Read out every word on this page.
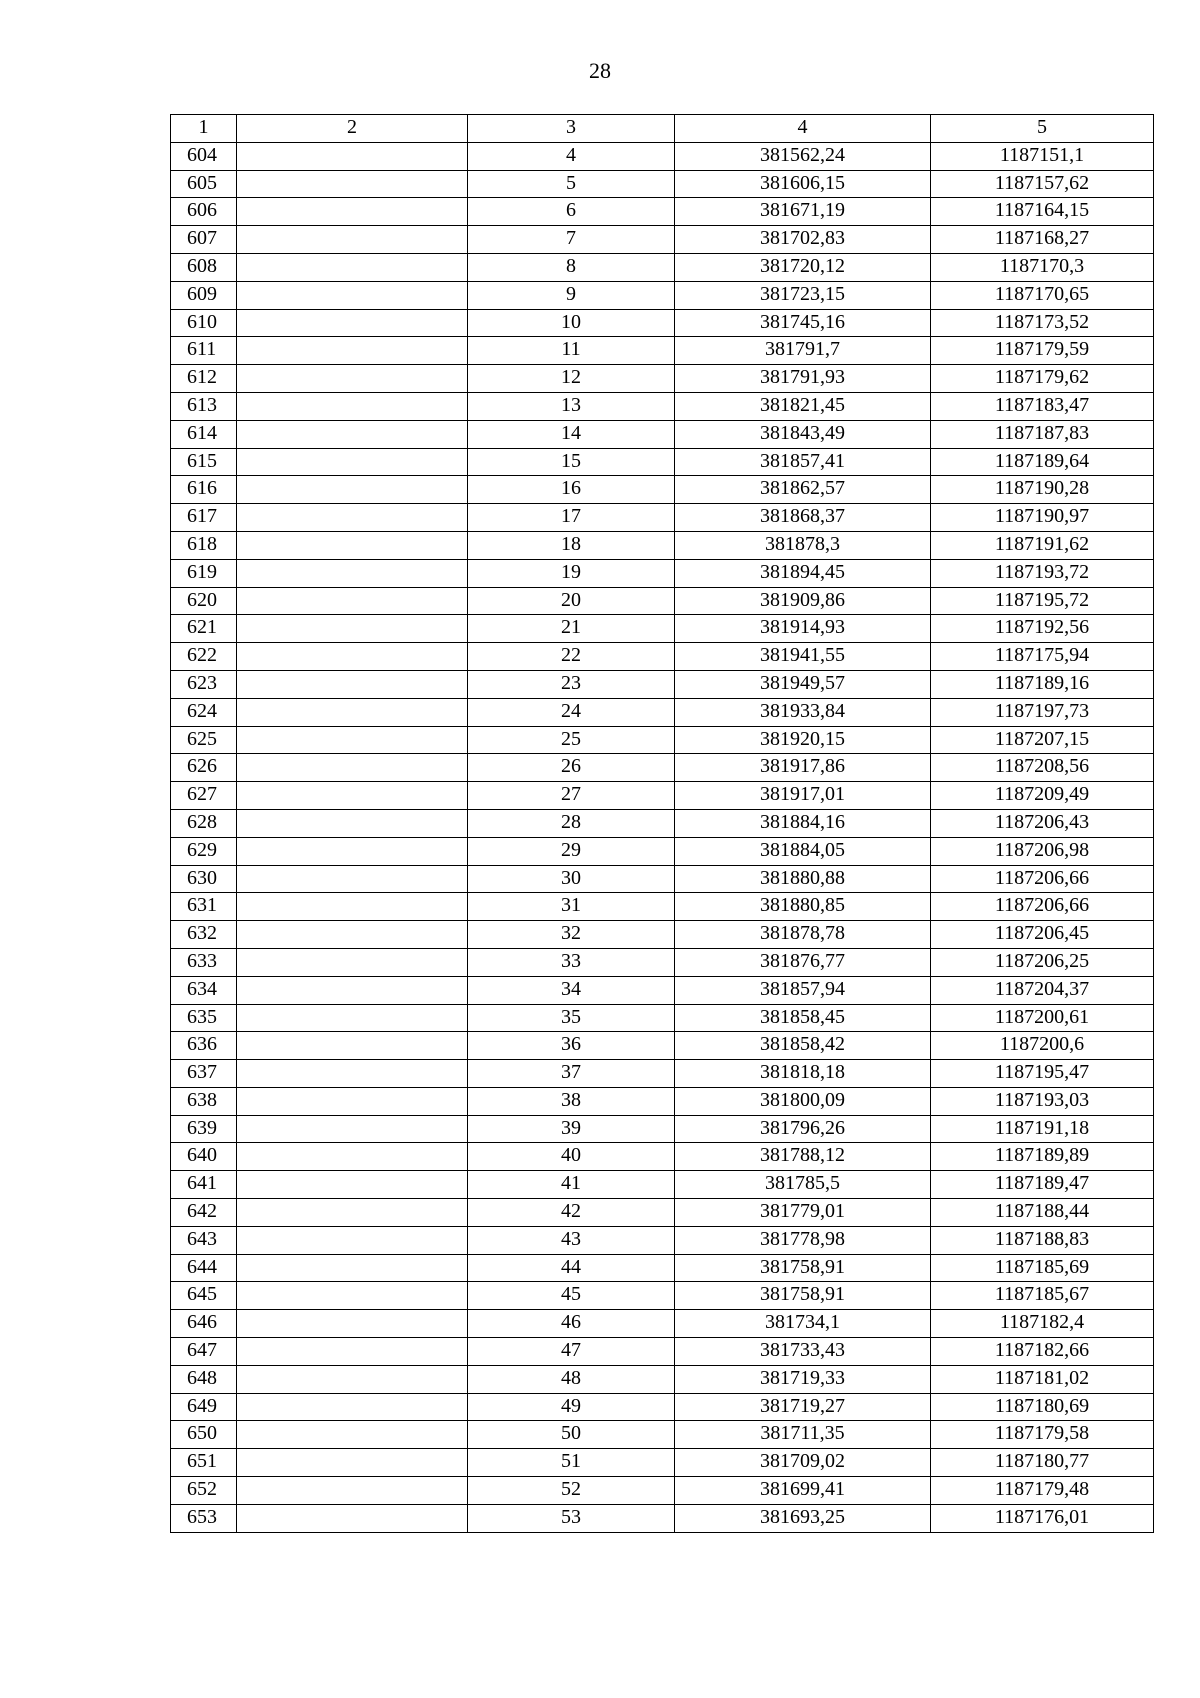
28
1	2	3	4	5
604		4	381562,24	1187151,1
605		5	381606,15	1187157,62
606		6	381671,19	1187164,15
607		7	381702,83	1187168,27
608		8	381720,12	1187170,3
609		9	381723,15	1187170,65
610		10	381745,16	1187173,52
611		11	381791,7	1187179,59
612		12	381791,93	1187179,62
613		13	381821,45	1187183,47
614		14	381843,49	1187187,83
615		15	381857,41	1187189,64
616		16	381862,57	1187190,28
617		17	381868,37	1187190,97
618		18	381878,3	1187191,62
619		19	381894,45	1187193,72
620		20	381909,86	1187195,72
621		21	381914,93	1187192,56
622		22	381941,55	1187175,94
623		23	381949,57	1187189,16
624		24	381933,84	1187197,73
625		25	381920,15	1187207,15
626		26	381917,86	1187208,56
627		27	381917,01	1187209,49
628		28	381884,16	1187206,43
629		29	381884,05	1187206,98
630		30	381880,88	1187206,66
631		31	381880,85	1187206,66
632		32	381878,78	1187206,45
633		33	381876,77	1187206,25
634		34	381857,94	1187204,37
635		35	381858,45	1187200,61
636		36	381858,42	1187200,6
637		37	381818,18	1187195,47
638		38	381800,09	1187193,03
639		39	381796,26	1187191,18
640		40	381788,12	1187189,89
641		41	381785,5	1187189,47
642		42	381779,01	1187188,44
643		43	381778,98	1187188,83
644		44	381758,91	1187185,69
645		45	381758,91	1187185,67
646		46	381734,1	1187182,4
647		47	381733,43	1187182,66
648		48	381719,33	1187181,02
649		49	381719,27	1187180,69
650		50	381711,35	1187179,58
651		51	381709,02	1187180,77
652		52	381699,41	1187179,48
653		53	381693,25	1187176,01
